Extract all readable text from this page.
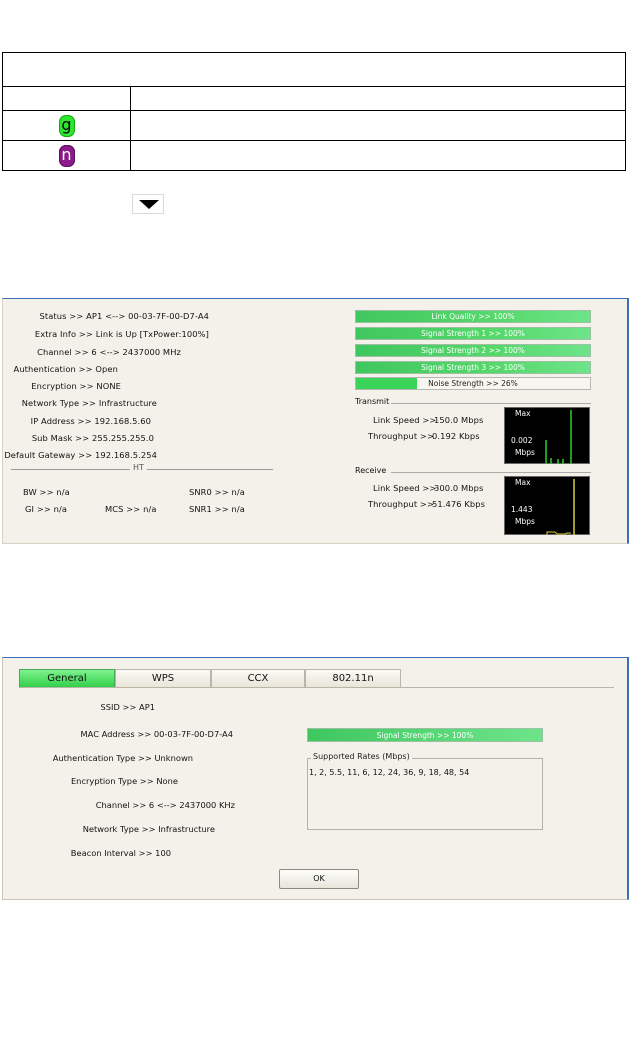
g	
n	
Status >> AP1 <--> 00-03-7F-00-D7-A4
Extra Info >> Link is Up [TxPower:100%]
Channel >> 6 <--> 2437000 MHz
Authentication >> Open
Encryption >> NONE
Network Type >> Infrastructure
IP Address >> 192.168.5.60
Sub Mask >> 255.255.255.0
Default Gateway >> 192.168.5.254
HT
BW >> n/a	SNR0 >> n/a
GI >> n/a	MCS >> n/a	SNR1 >> n/a
Link Quality >> 100%
Signal Strength 1 >> 100%
Signal Strength 2 >> 100%
Signal Strength 3 >> 100%
Noise Strength >> 26%
Transmit
Link Speed >>
150.0 Mbps
Throughput >>
0.192 Kbps
Max
0.002
Mbps
Receive
Link Speed >>
300.0 Mbps
Throughput >>
51.476 Kbps
Max
1.443
Mbps
General	WPS	CCX	802.11n
SSID >> AP1
MAC Address >> 00-03-7F-00-D7-A4
Authentication Type >> Unknown
Encryption Type >> None
Channel >> 6 <--> 2437000 KHz
Network Type >> Infrastructure
Beacon Interval >> 100
Signal Strength >> 100%
Supported Rates (Mbps)
1, 2, 5.5, 11, 6, 12, 24, 36, 9, 18, 48, 54
OK
